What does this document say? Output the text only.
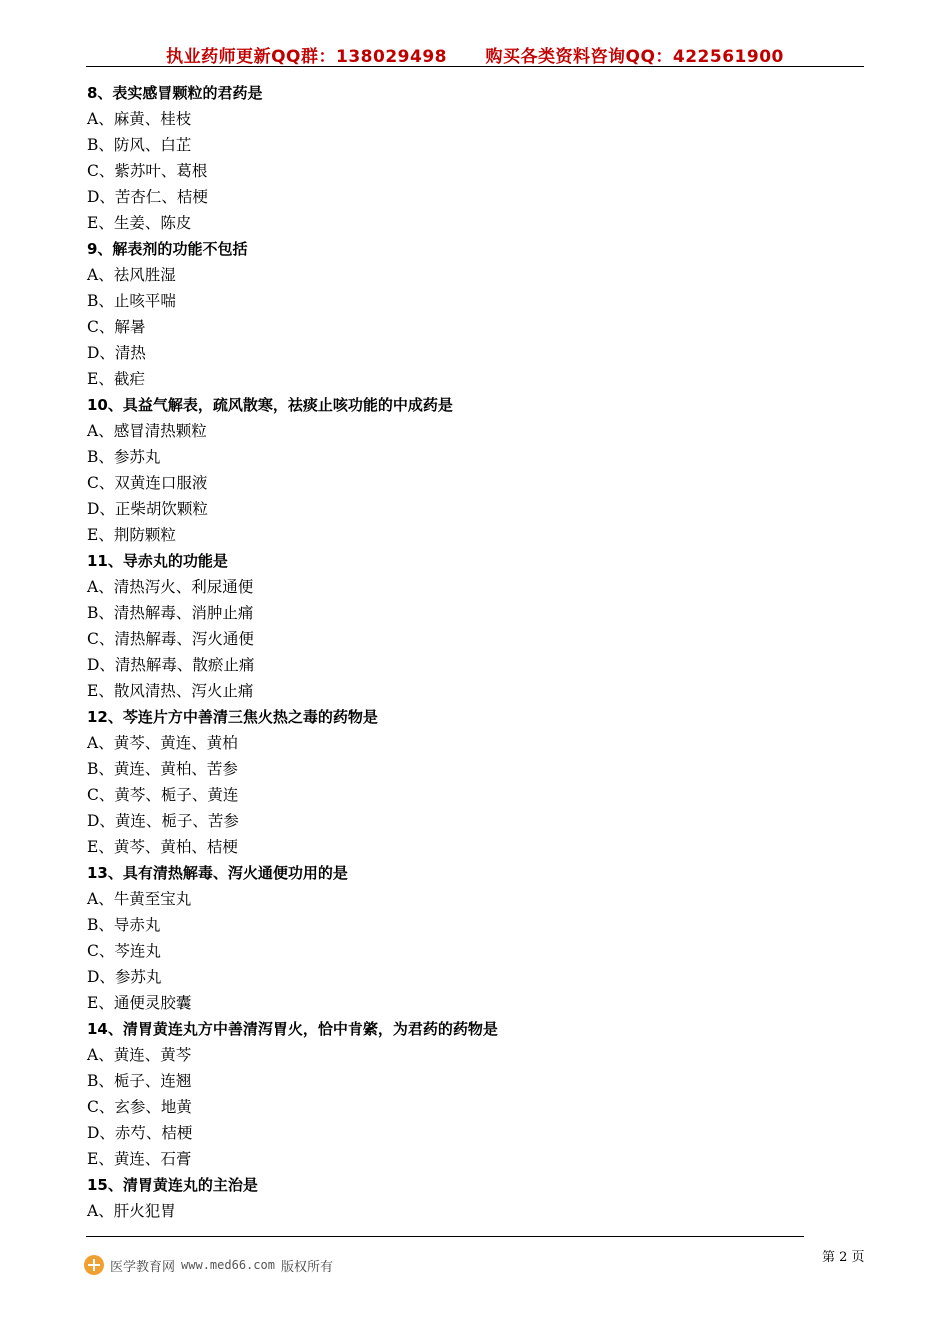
执业药师更新QQ群：138029498 购买各类资料咨询QQ：422561900
8、表实感冒颗粒的君药是
A、麻黄、桂枝
B、防风、白芷
C、紫苏叶、葛根
D、苦杏仁、桔梗
E、生姜、陈皮
9、解表剂的功能不包括
A、祛风胜湿
B、止咳平喘
C、解暑
D、清热
E、截疟
10、具益气解表，疏风散寒，祛痰止咳功能的中成药是
A、感冒清热颗粒
B、参苏丸
C、双黄连口服液
D、正柴胡饮颗粒
E、荆防颗粒
11、导赤丸的功能是
A、清热泻火、利尿通便
B、清热解毒、消肿止痛
C、清热解毒、泻火通便
D、清热解毒、散瘀止痛
E、散风清热、泻火止痛
12、芩连片方中善清三焦火热之毒的药物是
A、黄芩、黄连、黄柏
B、黄连、黄柏、苦参
C、黄芩、栀子、黄连
D、黄连、栀子、苦参
E、黄芩、黄柏、桔梗
13、具有清热解毒、泻火通便功用的是
A、牛黄至宝丸
B、导赤丸
C、芩连丸
D、参苏丸
E、通便灵胶囊
14、清胃黄连丸方中善清泻胃火，恰中肯綮，为君药的药物是
A、黄连、黄芩
B、栀子、连翘
C、玄参、地黄
D、赤芍、桔梗
E、黄连、石膏
15、清胃黄连丸的主治是
A、肝火犯胃
第 2 页
医学教育网 www.med66.com 版权所有
